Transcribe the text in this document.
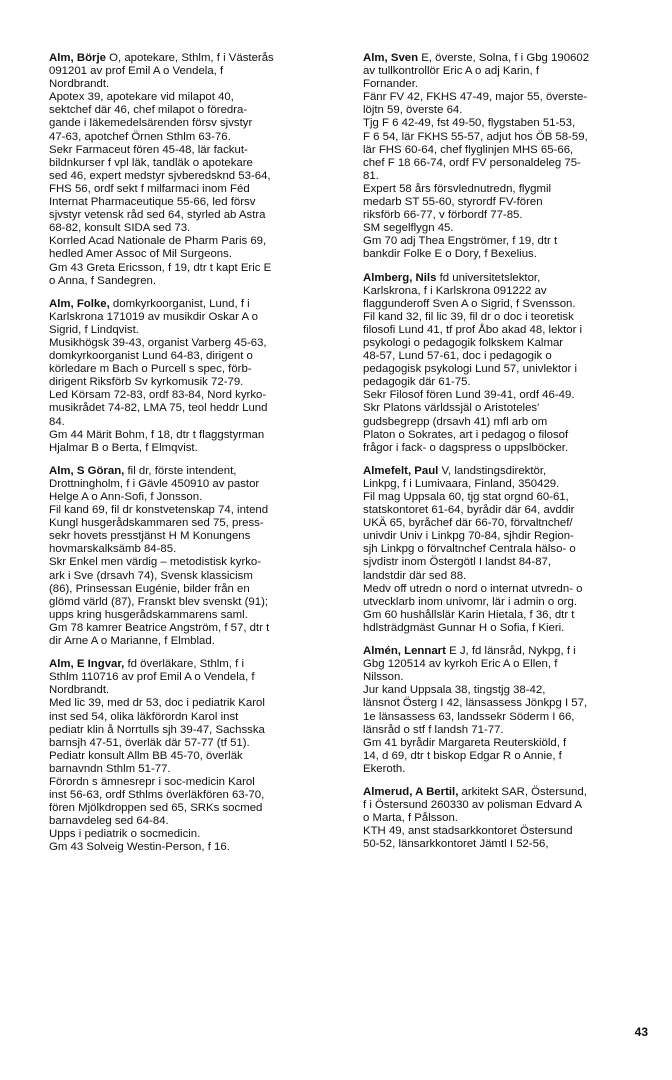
Alm, Börje O, apotekare, Sthlm, f i Västerås
091201 av prof Emil A o Vendela, f
Nordbrandt.
Apotex 39, apotekare vid milapot 40,
sektchef där 46, chef milapot o föredra-
gande i läkemedelsärenden försv sjvstyr
47-63, apotchef Örnen Sthlm 63-76.
Sekr Farmaceut fören 45-48, lär fackut-
bildnkurser f vpl läk, tandläk o apotekare
sed 46, expert medstyr sjvberedsknd 53-64,
FHS 56, ordf sekt f milfarmaci inom Féd
Internat Pharmaceutique 55-66, led försv
sjvstyr vetensk råd sed 64, styrled ab Astra
68-82, konsult SIDA sed 73.
Korrled Acad Nationale de Pharm Paris 69,
hedled Amer Assoc of Mil Surgeons.
Gm 43 Greta Ericsson, f 19, dtr t kapt Eric E
o Anna, f Sandegren.
Alm, Folke, domkyrkoorganist, Lund, f i
Karlskrona 171019 av musikdir Oskar A o
Sigrid, f Lindqvist.
Musikhögsk 39-43, organist Varberg 45-63,
domkyrkoorganist Lund 64-83, dirigent o
körledare m Bach o Purcell s spec, förb-
dirigent Riksförb Sv kyrkomusik 72-79.
Led Körsam 72-83, ordf 83-84, Nord kyrko-
musikrådet 74-82, LMA 75, teol heddr Lund
84.
Gm 44 Märit Bohm, f 18, dtr t flaggstyrman
Hjalmar B o Berta, f Elmqvist.
Alm, S Göran, fil dr, förste intendent,
Drottningholm, f i Gävle 450910 av pastor
Helge A o Ann-Sofi, f Jonsson.
Fil kand 69, fil dr konstvetenskap 74, intend
Kungl husgerådskammaren sed 75, press-
sekr hovets presstjänst H M Konungens
hovmarskalksämb 84-85.
Skr Enkel men värdig – metodistisk kyrko-
ark i Sve (drsavh 74), Svensk klassicism
(86), Prinsessan Eugénie, bilder från en
glömd värld (87), Franskt blev svenskt (91);
upps kring husgerådskammarens saml.
Gm 78 kamrer Beatrice Angström, f 57, dtr t
dir Arne A o Marianne, f Elmblad.
Alm, E Ingvar, fd överläkare, Sthlm, f i
Sthlm 110716 av prof Emil A o Vendela, f
Nordbrandt.
Med lic 39, med dr 53, doc i pediatrik Karol
inst sed 54, olika läkförordn Karol inst
pediatr klin å Norrtulls sjh 39-47, Sachsska
barnsjh 47-51, överläk där 57-77 (tf 51).
Pediatr konsult Allm BB 45-70, överläk
barnavndn Sthlm 51-77.
Förordn s ämnesrepr i soc-medicin Karol
inst 56-63, ordf Sthlms överläkfören 63-70,
fören Mjölkdroppen sed 65, SRKs socmed
barnavdeleg sed 64-84.
Upps i pediatrik o socmedicin.
Gm 43 Solveig Westin-Person, f 16.
Alm, Sven E, överste, Solna, f i Gbg 190602
av tullkontrollör Eric A o adj Karin, f
Fornander.
Fänr FV 42, FKHS 47-49, major 55, överste-
löjtn 59, överste 64.
Tjg F 6 42-49, fst 49-50, flygstaben 51-53,
F 6 54, lär FKHS 55-57, adjut hos ÖB 58-59,
lär FHS 60-64, chef flyglinjen MHS 65-66,
chef F 18 66-74, ordf FV personaldeleg 75-
81.
Expert 58 års försvlednutredn, flygmil
medarb ST 55-60, styrordf FV-fören
riksförb 66-77, v förbordf 77-85.
SM segelflygn 45.
Gm 70 adj Thea Engströmer, f 19, dtr t
bankdir Folke E o Dory, f Bexelius.
Almberg, Nils fd universitetslektor,
Karlskrona, f i Karlskrona 091222 av
flaggunderoff Sven A o Sigrid, f Svensson.
Fil kand 32, fil lic 39, fil dr o doc i teoretisk
filosofi Lund 41, tf prof Åbo akad 48, lektor i
psykologi o pedagogik folkskem Kalmar
48-57, Lund 57-61, doc i pedagogik o
pedagogisk psykologi Lund 57, univlektor i
pedagogik där 61-75.
Sekr Filosof fören Lund 39-41, ordf 46-49.
Skr Platons världssjäl o Aristoteles'
gudsbegrepp (drsavh 41) mfl arb om
Platon o Sokrates, art i pedagog o filosof
frågor i fack- o dagspress o uppslböcker.
Almefelt, Paul V, landstingsdirektör,
Linkpg, f i Lumivaara, Finland, 350429.
Fil mag Uppsala 60, tjg stat orgnd 60-61,
statskontoret 61-64, byrådir där 64, avddir
UKÄ 65, byråchef där 66-70, förvaltnchef/
univdir Univ i Linkpg 70-84, sjhdir Region-
sjh Linkpg o förvaltnchef Centrala hälso- o
sjvdistr inom Östergötl I landst 84-87,
landstdir där sed 88.
Medv off utredn o nord o internat utvredn- o
utvecklarb inom univomr, lär i admin o org.
Gm 60 hushållslär Karin Hietala, f 36, dtr t
hdlsträdgmäst Gunnar H o Sofia, f Kieri.
Almén, Lennart E J, fd länsråd, Nykpg, f i
Gbg 120514 av kyrkoh Eric A o Ellen, f
Nilsson.
Jur kand Uppsala 38, tingstjg 38-42,
länsnot Österg I 42, länsassess Jönkpg I 57,
1e länsassess 63, landssekr Söderm I 66,
länsråd o stf f landsh 71-77.
Gm 41 byrådir Margareta Reuterskiöld, f
14, d 69, dtr t biskop Edgar R o Annie, f
Ekeroth.
Almerud, A Bertil, arkitekt SAR, Östersund,
f i Östersund 260330 av polisman Edvard A
o Marta, f Pålsson.
KTH 49, anst stadsarkkontoret Östersund
50-52, länsarkkontoret Jämtl I 52-56,
43
